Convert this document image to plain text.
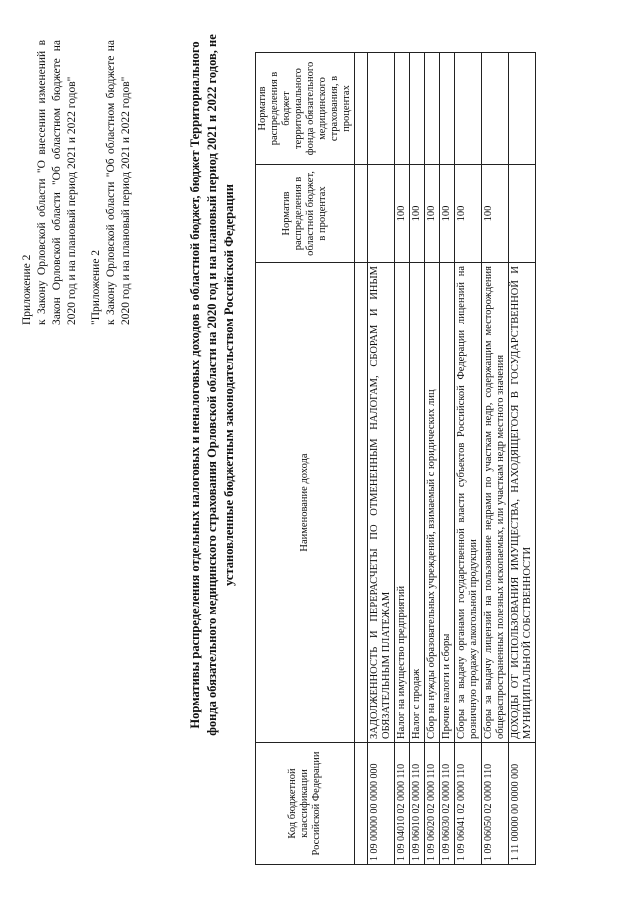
Приложение 2 к Закону Орловской области "О внесении изменений в Закон Орловской области "Об областном бюджете на 2020 год и на плановый период 2021 и 2022 годов" "Приложение 2 к Закону Орловской области "Об областном бюджете на 2020 год и на плановый период 2021 и 2022 годов"	Нормативы распределения отдельных налоговых и неналоговых доходов в областной бюджет, бюджет Территориального фонда обязательного медицинского страхования Орловской области на 2020 год и на плановый период 2021 и 2022 годов, не установленные бюджетным законодательством Российской Федерации

Код бюджетной классификации Российской Федерации	Наименование дохода	Норматив распределения в областной бюджет, в процентах	Норматив распределения в бюджет территориального фонда обязательного медицинского страхования, в процентах

1 09 00000 00 0000 000	ЗАДОЛЖЕННОСТЬ И ПЕРЕРАСЧЕТЫ ПО ОТМЕНЕННЫМ НАЛОГАМ, СБОРАМ И ИНЫМ ОБЯЗАТЕЛЬНЫМ ПЛАТЕЖАМ		
1 09 04010 02 0000 110	Налог на имущество предприятий	100	
1 09 06010 02 0000 110	Налог с продаж	100	
1 09 06020 02 0000 110	Сбор на нужды образовательных учреждений, взимаемый с юридических лиц	100	
1 09 06030 02 0000 110	Прочие налоги и сборы	100	
1 09 06041 02 0000 110	Сборы за выдачу органами государственной власти субъектов Российской Федерации лицензий на розничную продажу алкогольной продукции	100	
1 09 06050 02 0000 110	Сборы за выдачу лицензий на пользование недрами по участкам недр, содержащим месторождения общераспространенных полезных ископаемых, или участкам недр местного значения	100	
1 11 00000 00 0000 000	ДОХОДЫ ОТ ИСПОЛЬЗОВАНИЯ ИМУЩЕСТВА, НАХОДЯЩЕГОСЯ В ГОСУДАРСТВЕННОЙ И МУНИЦИПАЛЬНОЙ СОБСТВЕННОСТИ		
